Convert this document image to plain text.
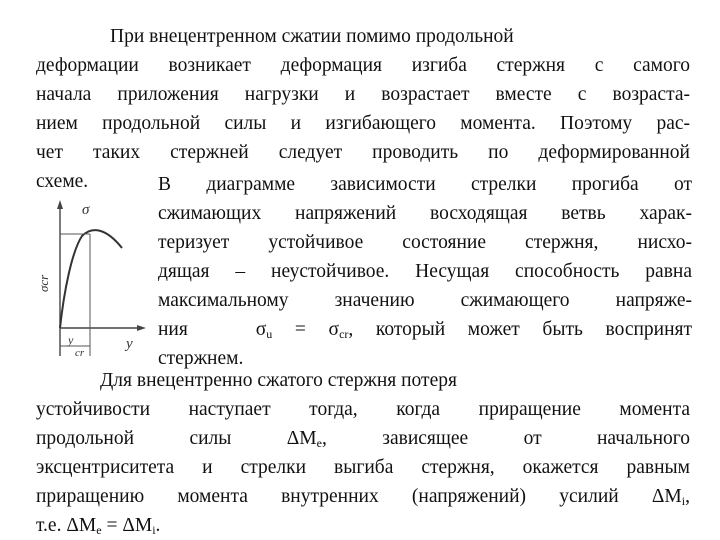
При внецентренном сжатии помимо продольной
деформации возникает деформация изгиба стержня с самого
начала приложения нагрузки и возрастает вместе с возраста-
нием продольной силы и изгибающего момента. Поэтому рас-
чет таких стержней следует проводить по деформированной
схеме.	В диаграмме зависимости стрелки прогиба от
сжимающих напряжений восходящая ветвь харак-
теризует устойчивое состояние стержня, нисхо-
дящая – неустойчивое. Несущая способность равна
максимальному значению сжимающего напряже-
ния	$\sigma_u = \sigma_{cr}$, который может быть воспринят
стержнем.
σ
σcr
y
cr
y
Для внецентренно сжатого стержня потеря
устойчивости наступает тогда, когда приращение момента
продольной	силы	$\Delta M_e$,	зависящее	от	начального
эксцентриситета и стрелки выгиба стержня, окажется равным
приращению момента внутренних (напряжений) усилий $\Delta M_i$,
т.е. $\Delta M_e = \Delta M_i$.
